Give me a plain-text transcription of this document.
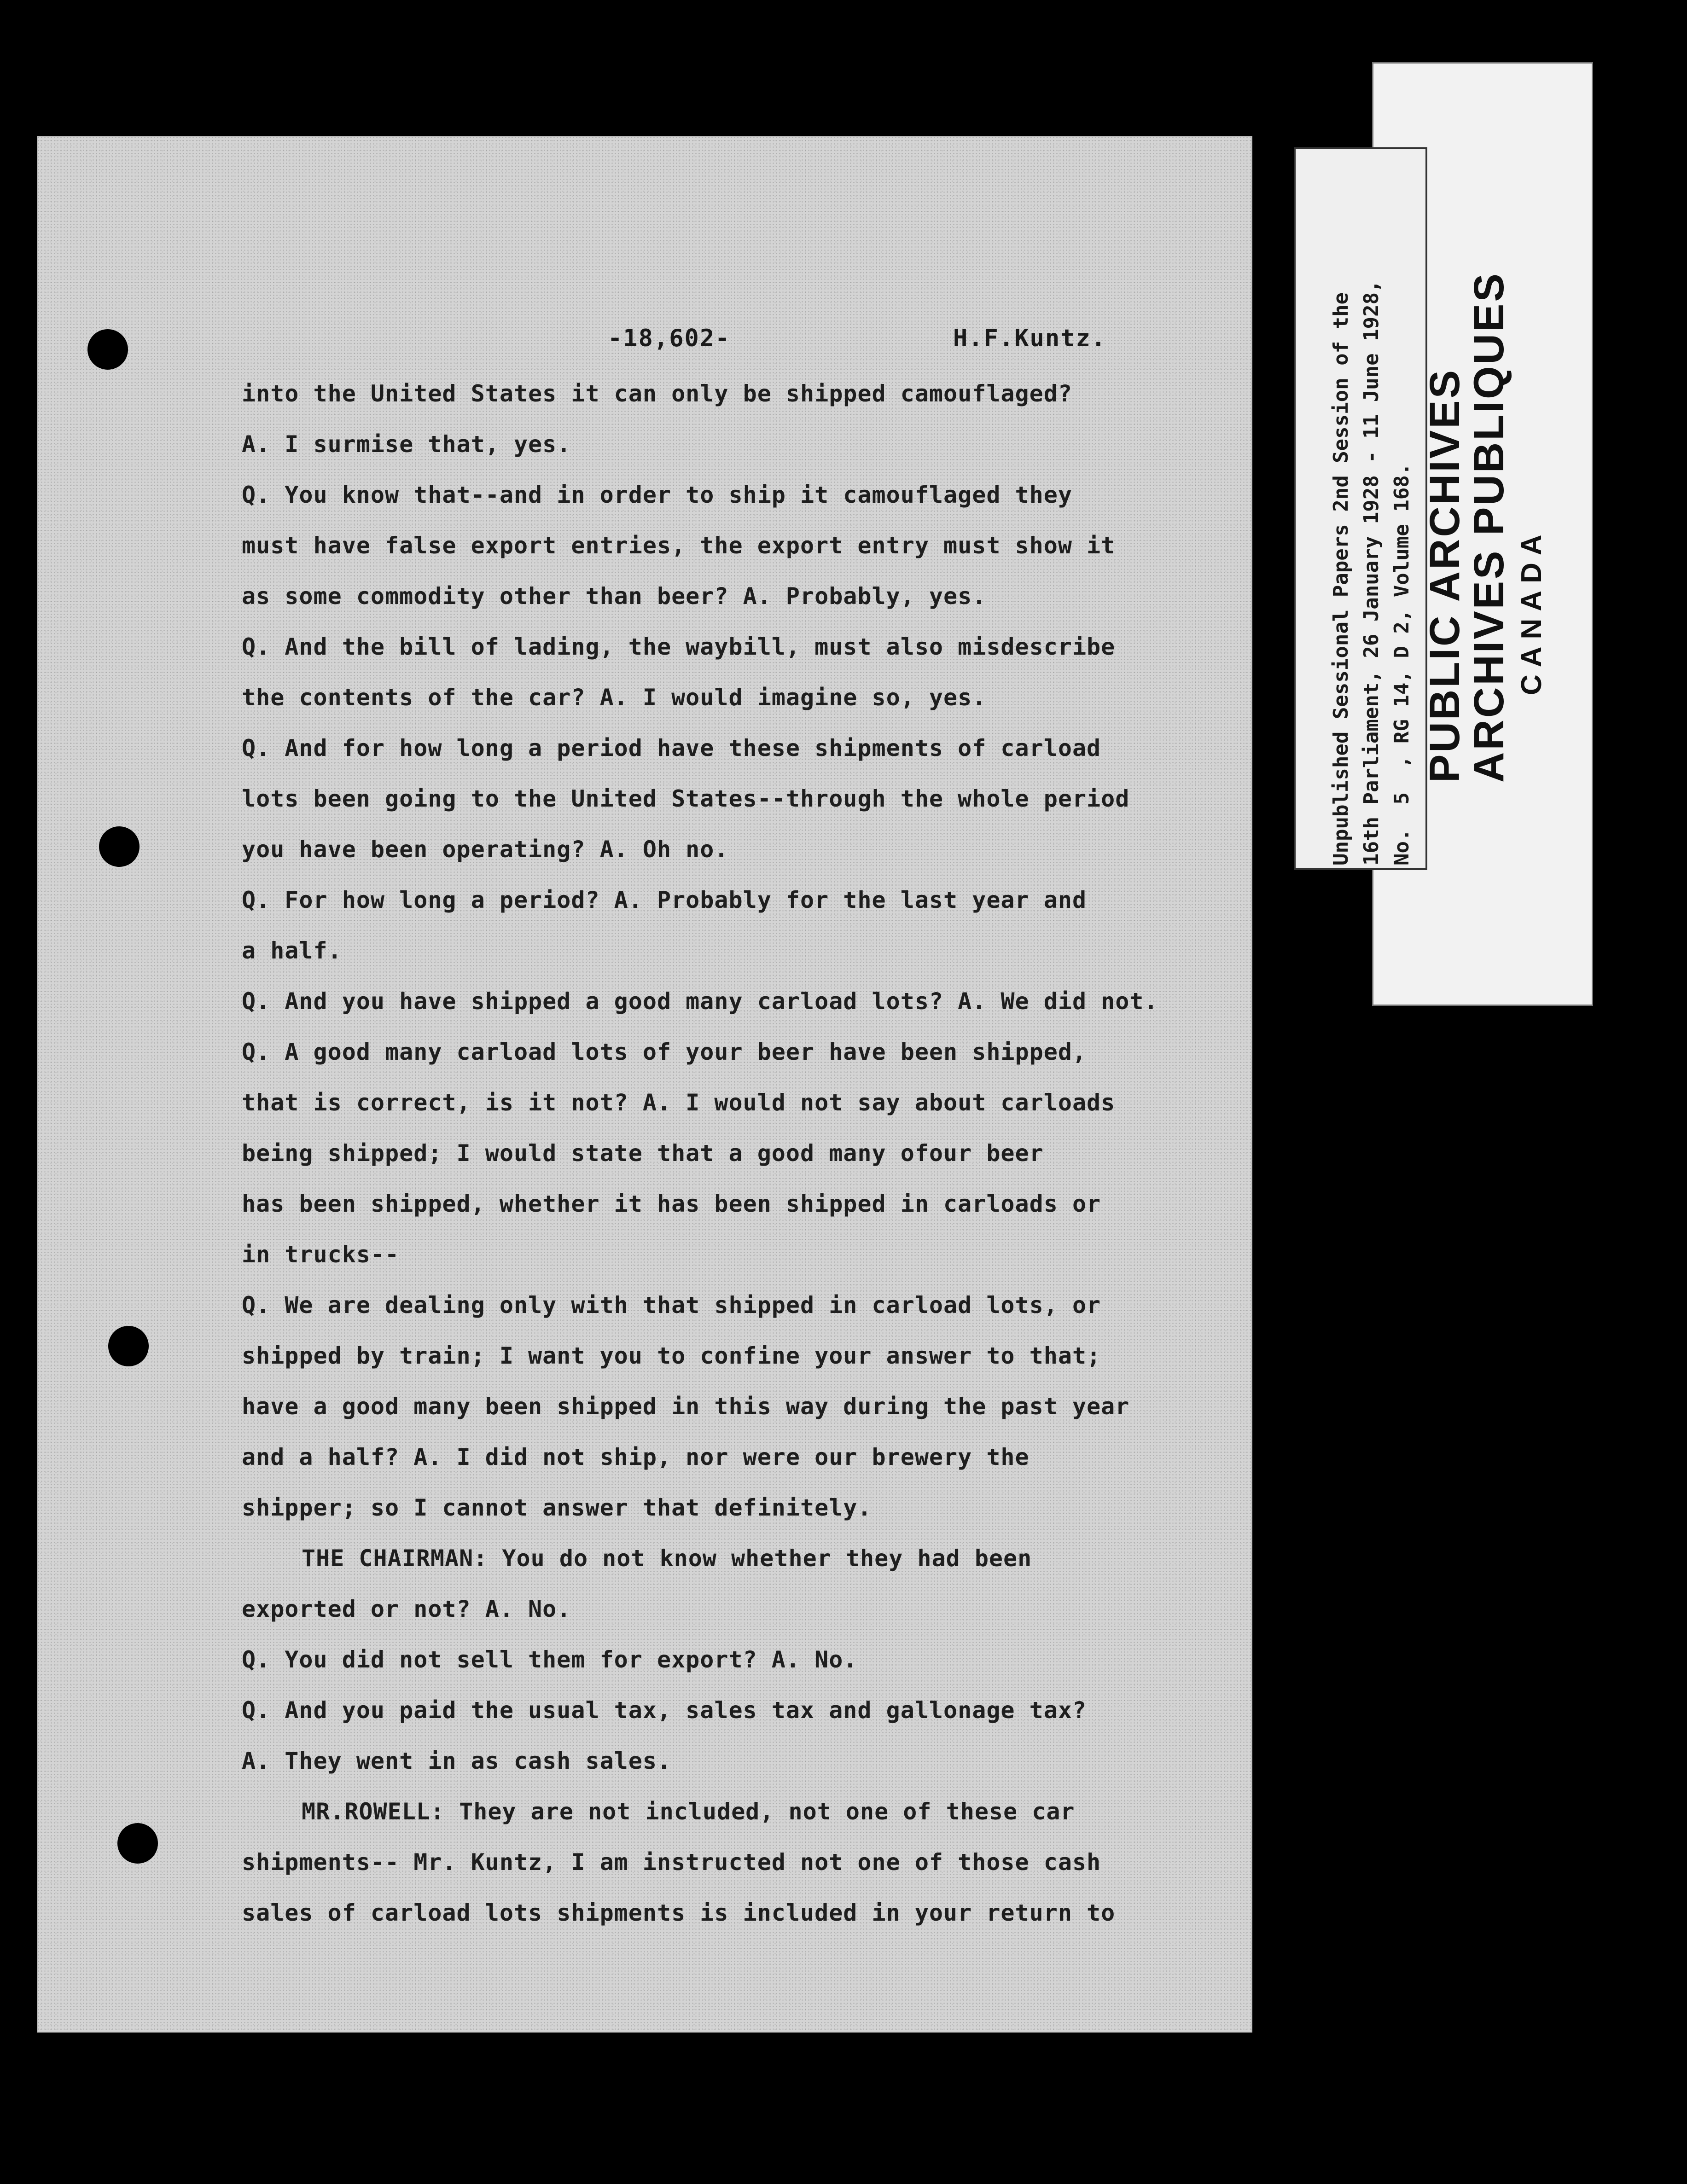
-18,602-	H.F.Kuntz.
into the United States it can only be shipped camouflaged?
A. I surmise that, yes.
Q. You know that--and in order to ship it camouflaged they
must have false export entries, the export entry must show it
as some commodity other than beer? A. Probably, yes.
Q. And the bill of lading, the waybill, must also misdescribe
the contents of the car? A. I would imagine so, yes.
Q. And for how long a period have these shipments of carload
lots been going to the United States--through the whole period
you have been operating? A. Oh no.
Q. For how long a period? A. Probably for the last year and
a half.
Q. And you have shipped a good many carload lots? A. We did not.
Q. A good many carload lots of your beer have been shipped,
that is correct, is it not? A. I would not say about carloads
being shipped; I would state that a good many ofour beer
has been shipped, whether it has been shipped in carloads or
in trucks--
Q. We are dealing only with that shipped in carload lots, or
shipped by train; I want you to confine your answer to that;
have a good many been shipped in this way during the past year
and a half? A. I did not ship, nor were our brewery the
shipper; so I cannot answer that definitely.
THE CHAIRMAN: You do not know whether they had been
exported or not? A. No.
Q. You did not sell them for export? A. No.
Q. And you paid the usual tax, sales tax and gallonage tax?
A. They went in as cash sales.
MR.ROWELL: They are not included, not one of these car
shipments-- Mr. Kuntz, I am instructed not one of those cash
sales of carload lots shipments is included in your return to
CANADA
Unpublished Sessional Papers 2nd Session of the 16th Parliament, 26 January 1928 - 11 June 1928, No.  5  , RG 14, D 2, Volume 168.
